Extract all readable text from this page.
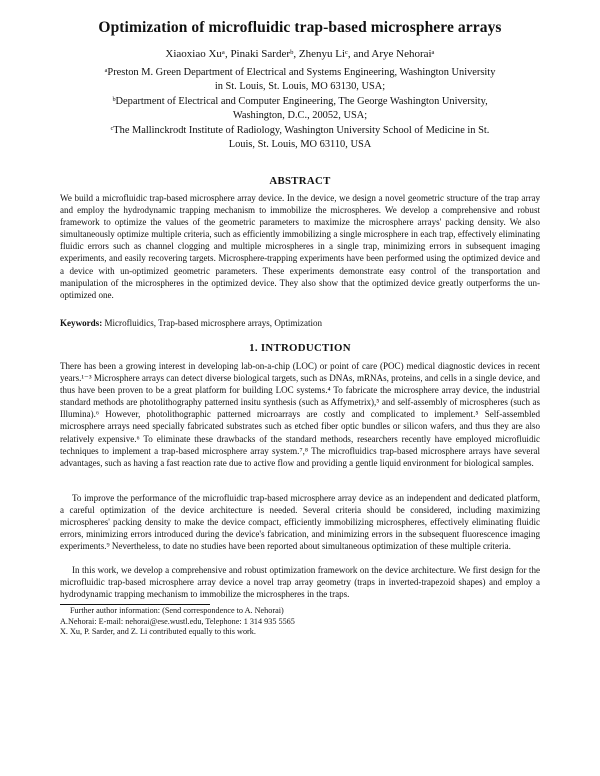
Optimization of microfluidic trap-based microsphere arrays
Xiaoxiao Xuᵃ, Pinaki Sarderᵇ, Zhenyu Liᶜ, and Arye Nehoraiᵃ
ᵃPreston M. Green Department of Electrical and Systems Engineering, Washington University
in St. Louis, St. Louis, MO 63130, USA;
ᵇDepartment of Electrical and Computer Engineering, The George Washington University,
Washington, D.C., 20052, USA;
ᶜThe Mallinckrodt Institute of Radiology, Washington University School of Medicine in St.
Louis, St. Louis, MO 63110, USA
ABSTRACT
We build a microfluidic trap-based microsphere array device. In the device, we design a novel geometric structure of the trap array and employ the hydrodynamic trapping mechanism to immobilize the microspheres. We develop a comprehensive and robust framework to optimize the values of the geometric parameters to maximize the microsphere arrays' packing density. We also simultaneously optimize multiple criteria, such as efficiently immobilizing a single microsphere in each trap, effectively eliminating fluidic errors such as channel clogging and multiple microspheres in a single trap, minimizing errors in subsequent imaging experiments, and easily recovering targets. Microsphere-trapping experiments have been performed using the optimized device and a device with un-optimized geometric parameters. These experiments demonstrate easy control of the transportation and manipulation of the microspheres in the optimized device. They also show that the optimized device greatly outperforms the un-optimized one.
Keywords: Microfluidics, Trap-based microsphere arrays, Optimization
1. INTRODUCTION
There has been a growing interest in developing lab-on-a-chip (LOC) or point of care (POC) medical diagnostic devices in recent years.¹⁻³ Microsphere arrays can detect diverse biological targets, such as DNAs, mRNAs, proteins, and cells in a single device, and thus have been proven to be a great platform for building LOC systems.⁴ To fabricate the microsphere array device, the industrial standard methods are photolithography patterned insitu synthesis (such as Affymetrix),⁵ and self-assembly of microspheres (such as Illumina).⁶ However, photolithographic patterned microarrays are costly and complicated to implement.⁵ Self-assembled microsphere arrays need specially fabricated substrates such as etched fiber optic bundles or silicon wafers, and thus they are also relatively expensive.⁶ To eliminate these drawbacks of the standard methods, researchers recently have employed microfluidic techniques to implement a trap-based microsphere array system.⁷,⁸ The microfluidics trap-based microsphere arrays have several advantages, such as having a fast reaction rate due to active flow and providing a gentle liquid environment for biological samples.
To improve the performance of the microfluidic trap-based microsphere array device as an independent and dedicated platform, a careful optimization of the device architecture is needed. Several criteria should be considered, including maximizing microspheres' packing density to make the device compact, efficiently immobilizing microspheres, effectively eliminating fluidic errors, minimizing errors introduced during the device's fabrication, and minimizing errors in the subsequent fluorescence imaging experiments.⁹ Nevertheless, to date no studies have been reported about simultaneous optimization of these multiple criteria.
In this work, we develop a comprehensive and robust optimization framework on the device architecture. We first design for the microfluidic trap-based microsphere array device a novel trap array geometry (traps in inverted-trapezoid shapes) and employ a hydrodynamic trapping mechanism to immobilize the microspheres in the traps.
Further author information: (Send correspondence to A. Nehorai)
A.Nehorai: E-mail: nehorai@ese.wustl.edu, Telephone: 1 314 935 5565
X. Xu, P. Sarder, and Z. Li contributed equally to this work.
